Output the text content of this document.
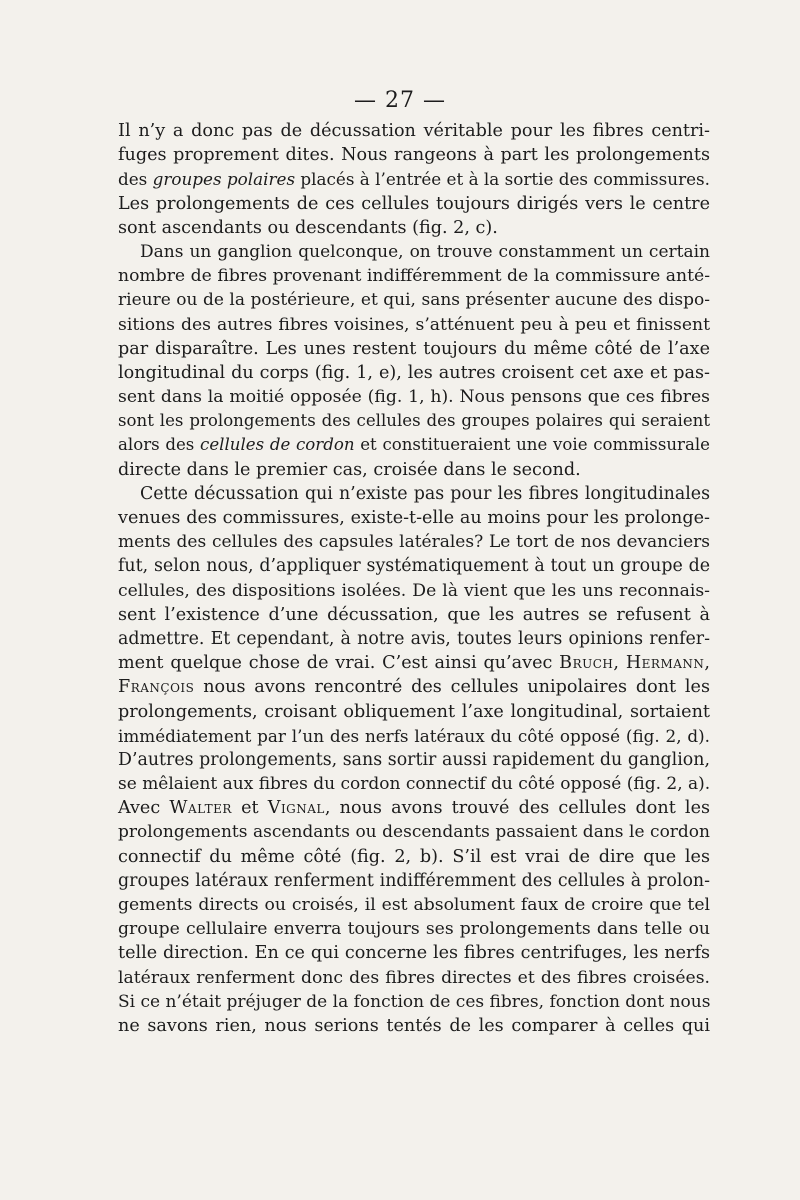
— 27 —
Il n’y a donc pas de décussation véritable pour les fibres centri-
fuges proprement dites. Nous rangeons à part les prolongements
des groupes polaires placés à l’entrée et à la sortie des commissures.
Les prolongements de ces cellules toujours dirigés vers le centre
sont ascendants ou descendants (fig. 2, c).
Dans un ganglion quelconque, on trouve constamment un certain
nombre de fibres provenant indifféremment de la commissure anté-
rieure ou de la postérieure, et qui, sans présenter aucune des dispo-
sitions des autres fibres voisines, s’atténuent peu à peu et finissent
par disparaître. Les unes restent toujours du même côté de l’axe
longitudinal du corps (fig. 1, e), les autres croisent cet axe et pas-
sent dans la moitié opposée (fig. 1, h). Nous pensons que ces fibres
sont les prolongements des cellules des groupes polaires qui seraient
alors des cellules de cordon et constitueraient une voie commissurale
directe dans le premier cas, croisée dans le second.
Cette décussation qui n’existe pas pour les fibres longitudinales
venues des commissures, existe-t-elle au moins pour les prolonge-
ments des cellules des capsules latérales? Le tort de nos devanciers
fut, selon nous, d’appliquer systématiquement à tout un groupe de
cellules, des dispositions isolées. De là vient que les uns reconnais-
sent l’existence d’une décussation, que les autres se refusent à
admettre. Et cependant, à notre avis, toutes leurs opinions renfer-
ment quelque chose de vrai. C’est ainsi qu’avec Bruch, Hermann,
François nous avons rencontré des cellules unipolaires dont les
prolongements, croisant obliquement l’axe longitudinal, sortaient
immédiatement par l’un des nerfs latéraux du côté opposé (fig. 2, d).
D’autres prolongements, sans sortir aussi rapidement du ganglion,
se mêlaient aux fibres du cordon connectif du côté opposé (fig. 2, a).
Avec Walter et Vignal, nous avons trouvé des cellules dont les
prolongements ascendants ou descendants passaient dans le cordon
connectif du même côté (fig. 2, b). S’il est vrai de dire que les
groupes latéraux renferment indifféremment des cellules à prolon-
gements directs ou croisés, il est absolument faux de croire que tel
groupe cellulaire enverra toujours ses prolongements dans telle ou
telle direction. En ce qui concerne les fibres centrifuges, les nerfs
latéraux renferment donc des fibres directes et des fibres croisées.
Si ce n’était préjuger de la fonction de ces fibres, fonction dont nous
ne savons rien, nous serions tentés de les comparer à celles qui
